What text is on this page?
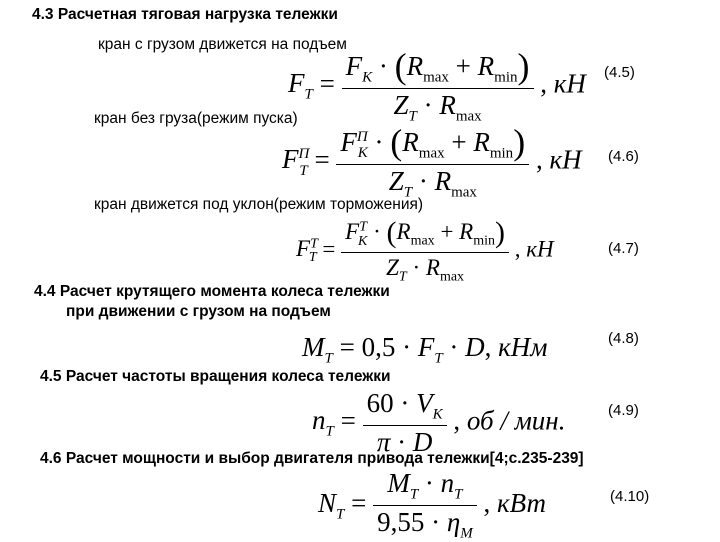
4.3 Расчетная тяговая нагрузка тележки
кран с грузом движется на подъем
$F_T = \frac{F_K \cdot (R_{max} + R_{min})}{Z_T \cdot R_{max}}$ , кН (4.5)
кран без груза(режим пуска)
$F^П_T = \frac{F^П_K \cdot (R_{max} + R_{min})}{Z_T \cdot R_{max}}$ , кН (4.6)
кран движется под уклон(режим торможения)
$F^T_T = \frac{F^T_K \cdot (R_{max} + R_{min})}{Z_T \cdot R_{max}}$ , кН	(4.7)
4.4 Расчет крутящего момента колеса тележки
при движении с грузом на подъем
$M_T = 0,5 \cdot F_T \cdot D$, кНм	(4.8)
4.5 Расчет частоты вращения колеса тележки
$n_T = \frac{60 \cdot V_K}{\pi \cdot D}$ , об / мин.	(4.9)
4.6 Расчет мощности и выбор двигателя привода тележки[4;с.235-239]
$N_T = \frac{M_T \cdot n_T}{9,55 \cdot \eta_М}$ , кВт	(4.10)
